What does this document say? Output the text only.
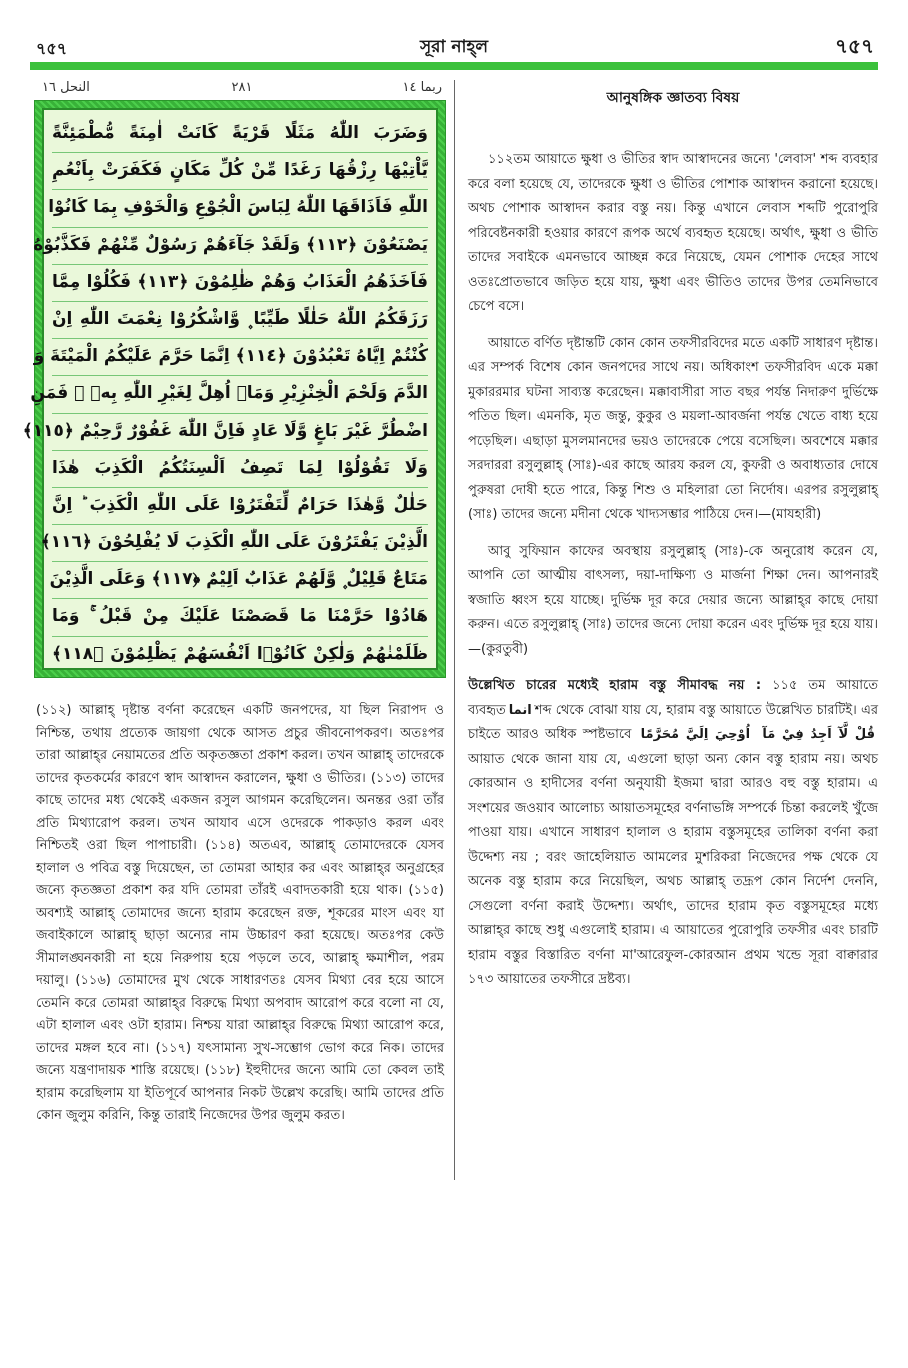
৭৫৭	সূরা নাহ্‌ল	৭৫৭
النحل ١٦	٢٨١	ربما ١٤
وَضَرَبَ اللّٰهُ مَثَلًا قَرْيَةً كَانَتْ اٰمِنَةً مُّطْمَئِنَّةً
يَّاْتِيْهَا رِزْقُهَا رَغَدًا مِّنْ كُلِّ مَكَانٍ فَكَفَرَتْ بِاَنْعُمِ
اللّٰهِ فَاَذَاقَهَا اللّٰهُ لِبَاسَ الْجُوْعِ وَالْخَوْفِ بِمَا كَانُوْا
يَصْنَعُوْنَ ﴿١١٢﴾ وَلَقَدْ جَآءَهُمْ رَسُوْلٌ مِّنْهُمْ فَكَذَّبُوْهُ
فَاَخَذَهُمُ الْعَذَابُ وَهُمْ ظٰلِمُوْنَ ﴿١١٣﴾ فَكُلُوْا مِمَّا
رَزَقَكُمُ اللّٰهُ حَلٰلًا طَيِّبًا ۪ وَّاشْكُرُوْا نِعْمَتَ اللّٰهِ اِنْ
كُنْتُمْ اِيَّاهُ تَعْبُدُوْنَ ﴿١١٤﴾ اِنَّمَا حَرَّمَ عَلَيْكُمُ الْمَيْتَةَ وَ
الدَّمَ وَلَحْمَ الْخِنْزِيْرِ وَمَاۤ اُهِلَّ لِغَيْرِ اللّٰهِ بِهٖ ۚ فَمَنِ
اضْطُرَّ غَيْرَ بَاغٍ وَّلَا عَادٍ فَاِنَّ اللّٰهَ غَفُوْرٌ رَّحِيْمٌ ﴿١١٥﴾
وَلَا تَقُوْلُوْا لِمَا تَصِفُ اَلْسِنَتُكُمُ الْكَذِبَ هٰذَا
حَلٰلٌ وَّهٰذَا حَرَامٌ لِّتَفْتَرُوْا عَلَى اللّٰهِ الْكَذِبَ ؕ اِنَّ
الَّذِيْنَ يَفْتَرُوْنَ عَلَى اللّٰهِ الْكَذِبَ لَا يُفْلِحُوْنَ ﴿١١٦﴾
مَتَاعٌ قَلِيْلٌ ۪ وَّلَهُمْ عَذَابٌ اَلِيْمٌ ﴿١١٧﴾ وَعَلَى الَّذِيْنَ
هَادُوْا حَرَّمْنَا مَا قَصَصْنَا عَلَيْكَ مِنْ قَبْلُ ۚ وَمَا
ظَلَمْنٰهُمْ وَلٰكِنْ كَانُوْۤا اَنْفُسَهُمْ يَظْلِمُوْنَ ﴿١١٨﴾
(১১২) আল্লাহ্‌ দৃষ্টান্ত বর্ণনা করেছেন একটি জনপদের, যা ছিল নিরাপদ ও নিশ্চিন্ত, তথায় প্রত্যেক জায়গা থেকে আসত প্রচুর জীবনোপকরণ। অতঃপর তারা আল্লাহ্‌র নেয়ামতের প্রতি অকৃতজ্ঞতা প্রকাশ করল। তখন আল্লাহ্‌ তাদেরকে তাদের কৃতকর্মের কারণে স্বাদ আস্বাদন করালেন, ক্ষুধা ও ভীতির। (১১৩) তাদের কাছে তাদের মধ্য থেকেই একজন রসুল আগমন করেছিলেন। অনন্তর ওরা তাঁর প্রতি মিথ্যারোপ করল। তখন আযাব এসে ওদেরকে পাকড়াও করল এবং নিশ্চিতই ওরা ছিল পাপাচারী। (১১৪) অতএব, আল্লাহ্‌ তোমাদেরকে যেসব হালাল ও পবিত্র বস্তু দিয়েছেন, তা তোমরা আহার কর এবং আল্লাহ্‌র অনুগ্রহের জন্যে কৃতজ্ঞতা প্রকাশ কর যদি তোমরা তাঁরই এবাদতকারী হয়ে থাক। (১১৫) অবশ্যই আল্লাহ্‌ তোমাদের জন্যে হারাম করেছেন রক্ত, শূকরের মাংস এবং যা জবাইকালে আল্লাহ্‌ ছাড়া অন্যের নাম উচ্চারণ করা হয়েছে। অতঃপর কেউ সীমালঙ্ঘনকারী না হয়ে নিরুপায় হয়ে পড়লে তবে, আল্লাহ্‌ ক্ষমাশীল, পরম দয়ালু। (১১৬) তোমাদের মুখ থেকে সাধারণতঃ যেসব মিথ্যা বের হয়ে আসে তেমনি করে তোমরা আল্লাহ্‌র বিরুদ্ধে মিথ্যা অপবাদ আরোপ করে বলো না যে, এটা হালাল এবং ওটা হারাম। নিশ্চয় যারা আল্লাহ্‌র বিরুদ্ধে মিথ্যা আরোপ করে, তাদের মঙ্গল হবে না। (১১৭) যৎসামান্য সুখ-সম্ভোগ ভোগ করে নিক। তাদের জন্যে যন্ত্রণাদায়ক শাস্তি রয়েছে। (১১৮) ইহুদীদের জন্যে আমি তো কেবল তাই হারাম করেছিলাম যা ইতিপূর্বে আপনার নিকট উল্লেখ করেছি। আমি তাদের প্রতি কোন জুলুম করিনি, কিন্তু তারাই নিজেদের উপর জুলুম করত।
আনুষঙ্গিক জ্ঞাতব্য বিষয়

১১২তম আয়াতে ক্ষুধা ও ভীতির স্বাদ আস্বাদনের জন্যে 'লেবাস' শব্দ ব্যবহার করে বলা হয়েছে যে, তাদেরকে ক্ষুধা ও ভীতির পোশাক আস্বাদন করানো হয়েছে। অথচ পোশাক আস্বাদন করার বস্তু নয়। কিন্তু এখানে লেবাস শব্দটি পুরোপুরি পরিবেষ্টনকারী হওয়ার কারণে রূপক অর্থে ব্যবহৃত হয়েছে। অর্থাৎ, ক্ষুধা ও ভীতি তাদের সবাইকে এমনভাবে আচ্ছন্ন করে নিয়েছে, যেমন পোশাক দেহের সাথে ওতঃপ্রোতভাবে জড়িত হয়ে যায়, ক্ষুধা এবং ভীতিও তাদের উপর তেমনিভাবে চেপে বসে।

আয়াতে বর্ণিত দৃষ্টান্তটি কোন কোন তফসীরবিদের মতে একটি সাধারণ দৃষ্টান্ত। এর সম্পর্ক বিশেষ কোন জনপদের সাথে নয়। অধিকাংশ তফসীরবিদ একে মক্কা মুকাররমার ঘটনা সাব্যস্ত করেছেন। মক্কাবাসীরা সাত বছর পর্যন্ত নিদারুণ দুর্ভিক্ষে পতিত ছিল। এমনকি, মৃত জন্তু, কুকুর ও ময়লা-আবর্জনা পর্যন্ত খেতে বাধ্য হয়ে পড়েছিল। এছাড়া মুসলমানদের ভয়ও তাদেরকে পেয়ে বসেছিল। অবশেষে মক্কার সরদাররা রসুলুল্লাহ্‌ (সাঃ)-এর কাছে আরয করল যে, কুফরী ও অবাধ্যতার দোষে পুরুষরা দোষী হতে পারে, কিন্তু শিশু ও মহিলারা তো নির্দোষ। এরপর রসুলুল্লাহ্‌ (সাঃ) তাদের জন্যে মদীনা থেকে খাদ্যসম্ভার পাঠিয়ে দেন।—(মাযহারী)

আবু সুফিয়ান কাফের অবস্থায় রসুলুল্লাহ্‌ (সাঃ)-কে অনুরোধ করেন যে, আপনি তো আত্মীয় বাৎসল্য, দয়া-দাক্ষিণ্য ও মার্জনা শিক্ষা দেন। আপনারই স্বজাতি ধ্বংস হয়ে যাচ্ছে। দুর্ভিক্ষ দূর করে দেয়ার জন্যে আল্লাহ্‌র কাছে দোয়া করুন। এতে রসুলুল্লাহ্‌ (সাঃ) তাদের জন্যে দোয়া করেন এবং দুর্ভিক্ষ দূর হয়ে যায়।—(কুরতুবী)

উল্লেখিত চারের মধ্যেই হারাম বস্তু সীমাবদ্ধ নয় : ১১৫ তম আয়াতে ব্যবহৃত انما শব্দ থেকে বোঝা যায় যে, হারাম বস্তু আয়াতে উল্লেখিত চারটিই। এর চাইতে আরও অধিক স্পষ্টভাবে	قُلْ لَّآ اَجِدُ فِيْ مَآ اُوْحِيَ اِلَيَّ مُحَرَّمًا আয়াত থেকে জানা যায় যে, এগুলো ছাড়া অন্য কোন বস্তু হারাম নয়। অথচ কোরআন ও হাদীসের বর্ণনা অনুযায়ী ইজমা দ্বারা আরও বহু বস্তু হারাম। এ সংশয়ের জওয়াব আলোচ্য আয়াতসমূহের বর্ণনাভঙ্গি সম্পর্কে চিন্তা করলেই খুঁজে পাওয়া যায়। এখানে সাধারণ হালাল ও হারাম বস্তুসমূহের তালিকা বর্ণনা করা উদ্দেশ্য নয় ; বরং জাহেলিয়াত আমলের মুশরিকরা নিজেদের পক্ষ থেকে যে অনেক বস্তু হারাম করে নিয়েছিল, অথচ আল্লাহ্‌ তদ্রূপ কোন নির্দেশ দেননি, সেগুলো বর্ণনা করাই উদ্দেশ্য। অর্থাৎ, তাদের হারাম কৃত বস্তুসমূহের মধ্যে আল্লাহ্‌র কাছে শুধু এগুলোই হারাম। এ আয়াতের পুরোপুরি তফসীর এবং চারটি হারাম বস্তুর বিস্তারিত বর্ণনা মা'আরেফুল-কোরআন প্রথম খন্ডে সূরা বাক্বারার ১৭৩ আয়াতের তফসীরে দ্রষ্টব্য।
